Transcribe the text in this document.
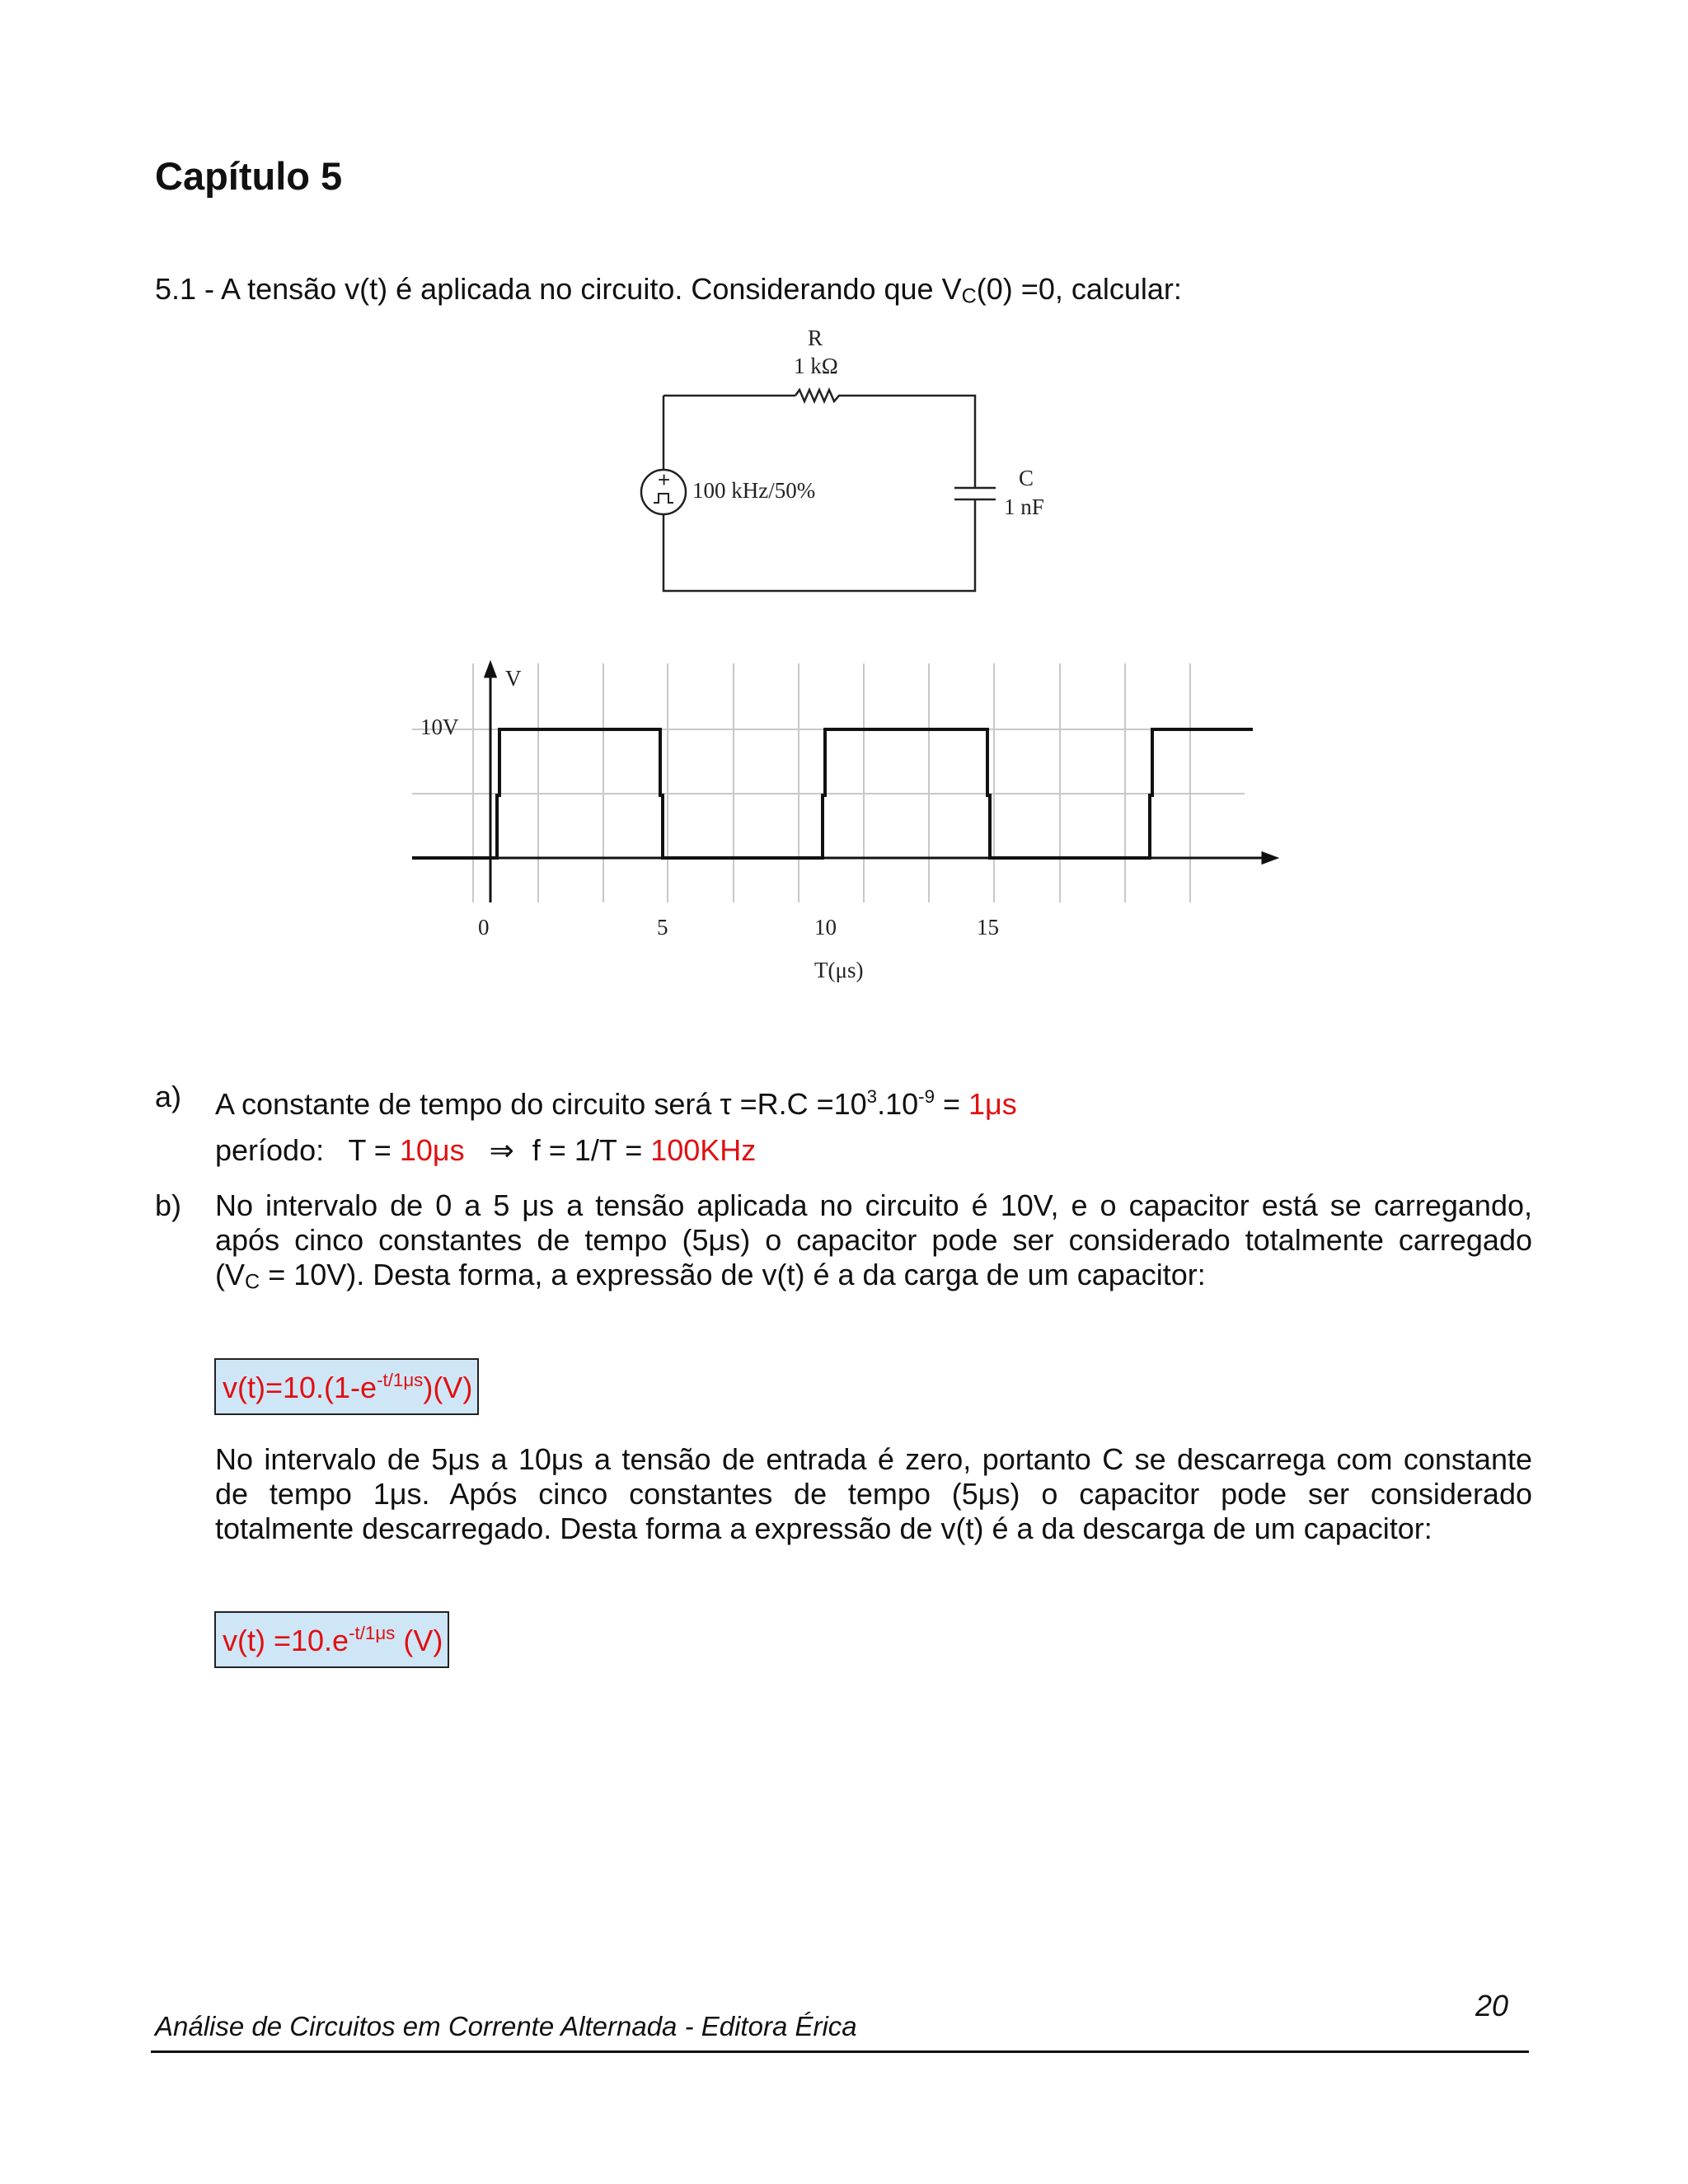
Capítulo 5
5.1 - A tensão v(t) é aplicada no circuito. Considerando que VC(0) =0, calcular:
+
R
1 kΩ
100 kHz/50%	C
1 nF
V
10V
0	5	10	15
T(μs)
a) A constante de tempo do circuito será $\tau =R.C =10^3.10^{-9} = 1\mu s$
período:   T = 10μs ⇒ f = 1/T = 100KHz
b) No intervalo de 0 a 5 μs a tensão aplicada no circuito é 10V, e o capacitor está se carregando,
após cinco constantes de tempo (5μs) o capacitor pode ser considerado totalmente carregado
(VC = 10V). Desta forma, a expressão de v(t) é a da carga de um capacitor:
$v(t)=10.(1-e^{-t/1\mu s})(V)$
No intervalo de 5μs a 10μs a tensão de entrada é zero, portanto C se descarrega com constante
de tempo 1μs. Após cinco constantes de tempo (5μs) o capacitor pode ser considerado
totalmente descarregado. Desta forma a expressão de v(t) é a da descarga de um capacitor:
$v(t) =10.e^{-t/1\mu s}$ (V)
Análise de Circuitos em Corrente Alternada - Editora Érica
20
